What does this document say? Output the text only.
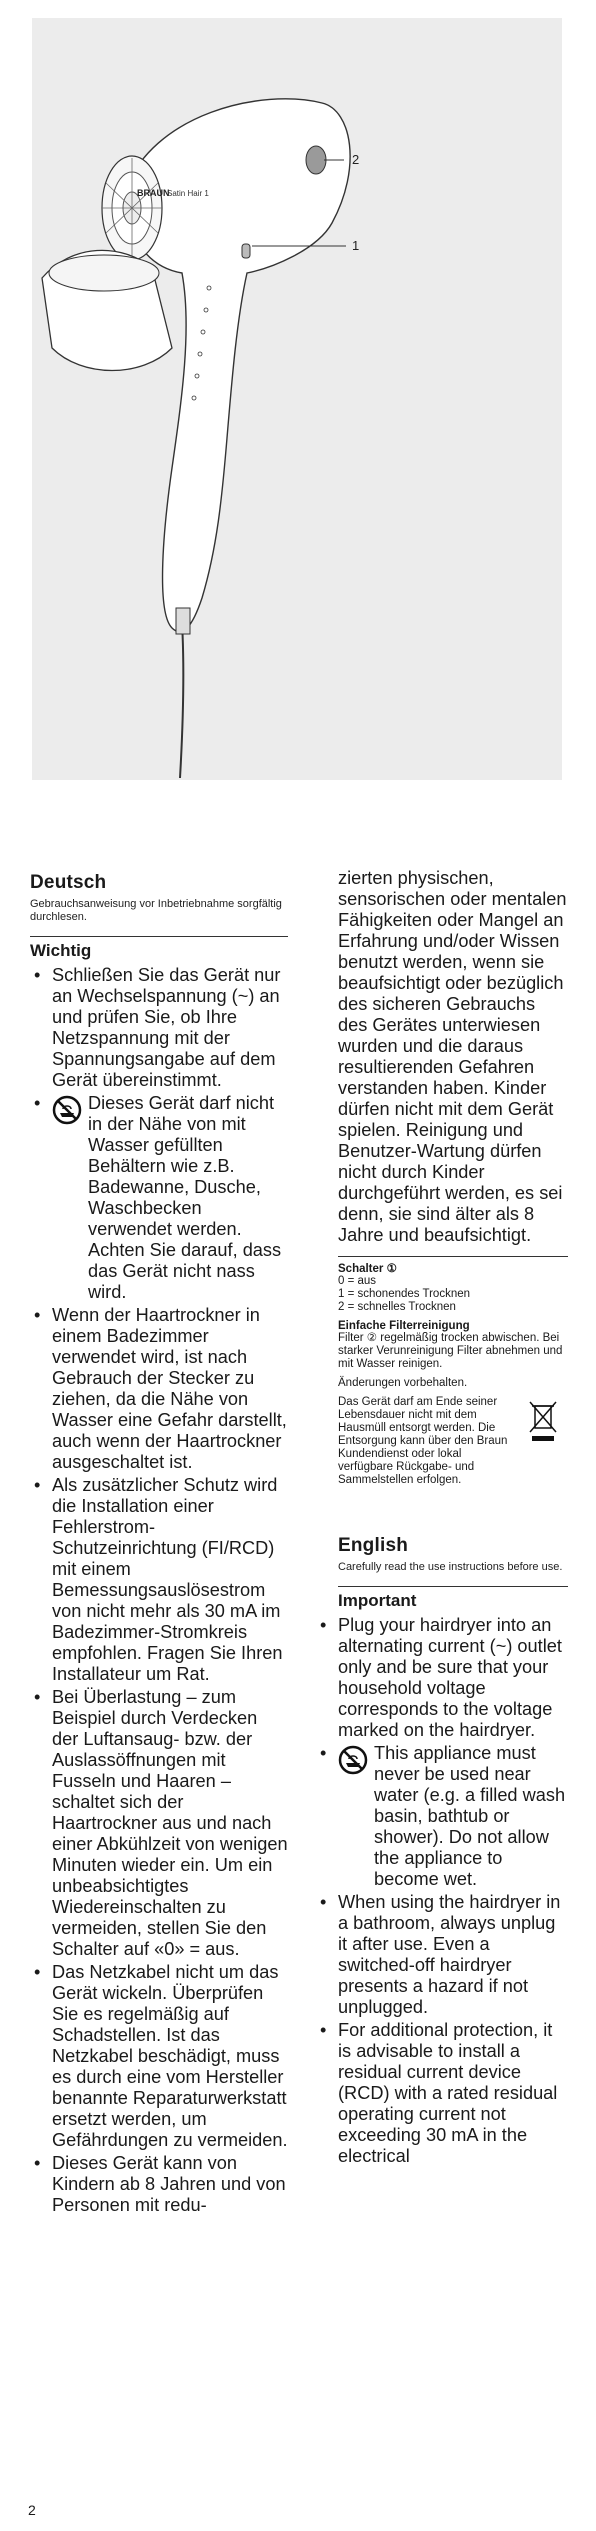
BRAUN
Satin Hair 1
2
1
Deutsch

Gebrauchsanweisung vor Inbetriebnahme sorgfältig durchlesen.

Wichtig
• Schließen Sie das Gerät nur an Wechselspannung (~) an und prüfen Sie, ob Ihre Netzspannung mit der Spannungsangabe auf dem Gerät übereinstimmt.
•	Dieses Gerät darf nicht in der Nähe von mit Wasser gefüllten Behältern wie z.B. Badewanne, Dusche, Waschbecken verwendet werden. Achten Sie darauf, dass das Gerät nicht nass wird.
• Wenn der Haartrockner in einem Badezimmer verwendet wird, ist nach Gebrauch der Stecker zu ziehen, da die Nähe von Wasser eine Gefahr darstellt, auch wenn der Haartrockner ausgeschaltet ist.
• Als zusätzlicher Schutz wird die Installation einer Fehlerstrom-Schutzeinrichtung (FI/RCD) mit einem Bemessungsauslösestrom von nicht mehr als 30 mA im Badezimmer-Stromkreis empfohlen. Fragen Sie Ihren Installateur um Rat.
• Bei Überlastung – zum Beispiel durch Verdecken der Luftansaug- bzw. der Auslassöffnungen mit Fusseln und Haaren – schaltet sich der Haartrockner aus und nach einer Abkühlzeit von wenigen Minuten wieder ein. Um ein unbeabsichtigtes Wiedereinschalten zu vermeiden, stellen Sie den Schalter auf «0» = aus.
• Das Netzkabel nicht um das Gerät wickeln. Überprüfen Sie es regelmäßig auf Schadstellen. Ist das Netzkabel beschädigt, muss es durch eine vom Hersteller benannte Reparaturwerkstatt ersetzt werden, um Gefährdungen zu vermeiden.
• Dieses Gerät kann von Kindern ab 8 Jahren und von Personen mit redu-

zierten physischen, sensorischen oder mentalen Fähigkeiten oder Mangel an Erfahrung und/oder Wissen benutzt werden, wenn sie beaufsichtigt oder bezüglich des sicheren Gebrauchs des Gerätes unterwiesen wurden und die daraus resultierenden Gefahren verstanden haben. Kinder dürfen nicht mit dem Gerät spielen. Reinigung und Benutzer-Wartung dürfen nicht durch Kinder durchgeführt werden, es sei denn, sie sind älter als 8 Jahre und beaufsichtigt.

Schalter ①

0 = aus

1 = schonendes Trocknen

2 = schnelles Trocknen

Einfache Filterreinigung

Filter ② regelmäßig trocken abwischen. Bei starker Verunreinigung Filter abnehmen und mit Wasser reinigen.

Änderungen vorbehalten.

Das Gerät darf am Ende seiner Lebensdauer nicht mit dem Hausmüll entsorgt werden. Die Entsorgung kann über den Braun Kundendienst oder lokal verfügbare Rückgabe- und Sammelstellen erfolgen.

English

Carefully read the use instructions before use.

Important
• Plug your hairdryer into an alternating current (~) outlet only and be sure that your household voltage corresponds to the voltage marked on the hairdryer.
•	This appliance must never be used near water (e.g. a filled wash basin, bathtub or shower). Do not allow the appliance to become wet.
• When using the hairdryer in a bathroom, always unplug it after use. Even a switched-off hairdryer presents a hazard if not unplugged.
• For additional protection, it is advisable to install a residual current device (RCD) with a rated residual operating current not exceeding 30 mA in the electrical
2
